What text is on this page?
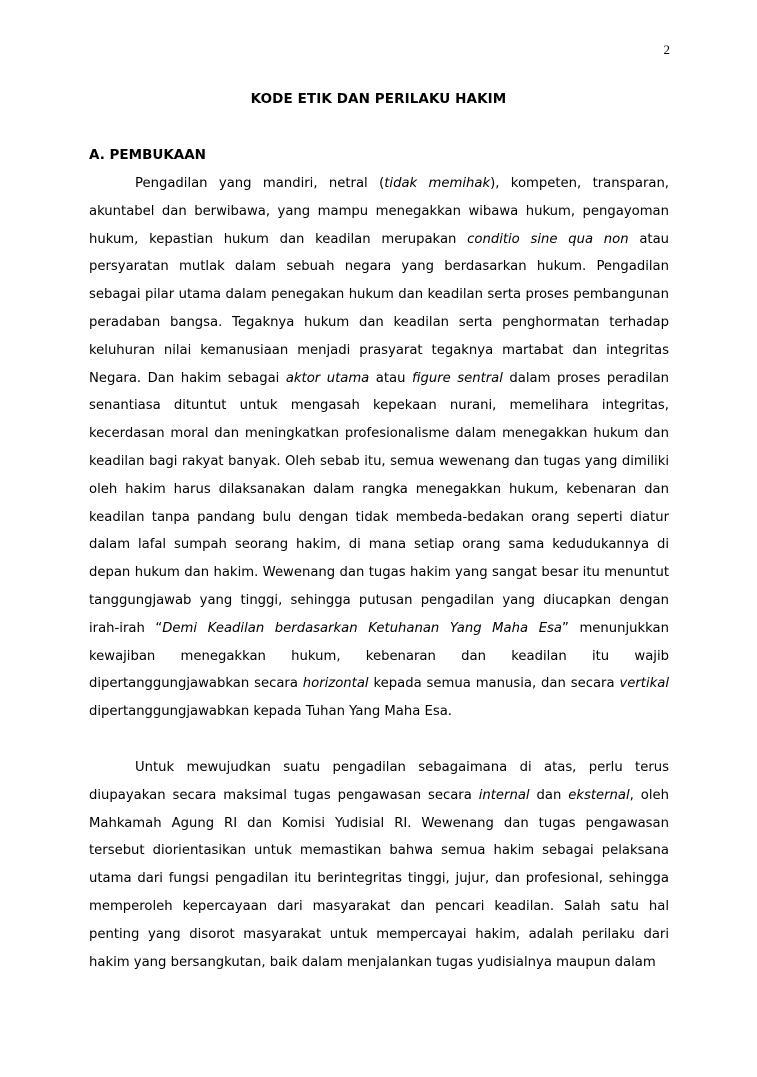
2
KODE ETIK DAN PERILAKU HAKIM
A. PEMBUKAAN

Pengadilan yang mandiri, netral (tidak memihak), kompeten, transparan, akuntabel dan berwibawa, yang mampu menegakkan wibawa hukum, pengayoman hukum, kepastian hukum dan keadilan merupakan conditio sine qua non atau persyaratan mutlak dalam sebuah negara yang berdasarkan hukum. Pengadilan sebagai pilar utama dalam penegakan hukum dan keadilan serta proses pembangunan peradaban bangsa. Tegaknya hukum dan keadilan serta penghormatan terhadap keluhuran nilai kemanusiaan menjadi prasyarat tegaknya martabat dan integritas Negara. Dan hakim sebagai aktor utama atau figure sentral dalam proses peradilan senantiasa dituntut untuk mengasah kepekaan nurani, memelihara integritas, kecerdasan moral dan meningkatkan profesionalisme dalam menegakkan hukum dan keadilan bagi rakyat banyak. Oleh sebab itu, semua wewenang dan tugas yang dimiliki oleh hakim harus dilaksanakan dalam rangka menegakkan hukum, kebenaran dan keadilan tanpa pandang bulu dengan tidak membeda-bedakan orang seperti diatur dalam lafal sumpah seorang hakim, di mana setiap orang sama kedudukannya di depan hukum dan hakim. Wewenang dan tugas hakim yang sangat besar itu menuntut tanggungjawab yang tinggi, sehingga putusan pengadilan yang diucapkan dengan irah-irah “Demi Keadilan berdasarkan Ketuhanan Yang Maha Esa” menunjukkan kewajiban menegakkan hukum, kebenaran dan keadilan itu wajib dipertanggungjawabkan secara horizontal kepada semua manusia, dan secara vertikal dipertanggungjawabkan kepada Tuhan Yang Maha Esa.

Untuk mewujudkan suatu pengadilan sebagaimana di atas, perlu terus diupayakan secara maksimal tugas pengawasan secara internal dan eksternal, oleh Mahkamah Agung RI dan Komisi Yudisial RI. Wewenang dan tugas pengawasan tersebut diorientasikan untuk memastikan bahwa semua hakim sebagai pelaksana utama dari fungsi pengadilan itu berintegritas tinggi, jujur, dan profesional, sehingga memperoleh kepercayaan dari masyarakat dan pencari keadilan. Salah satu hal penting yang disorot masyarakat untuk mempercayai hakim, adalah perilaku dari hakim yang bersangkutan, baik dalam menjalankan tugas yudisialnya maupun dalam
